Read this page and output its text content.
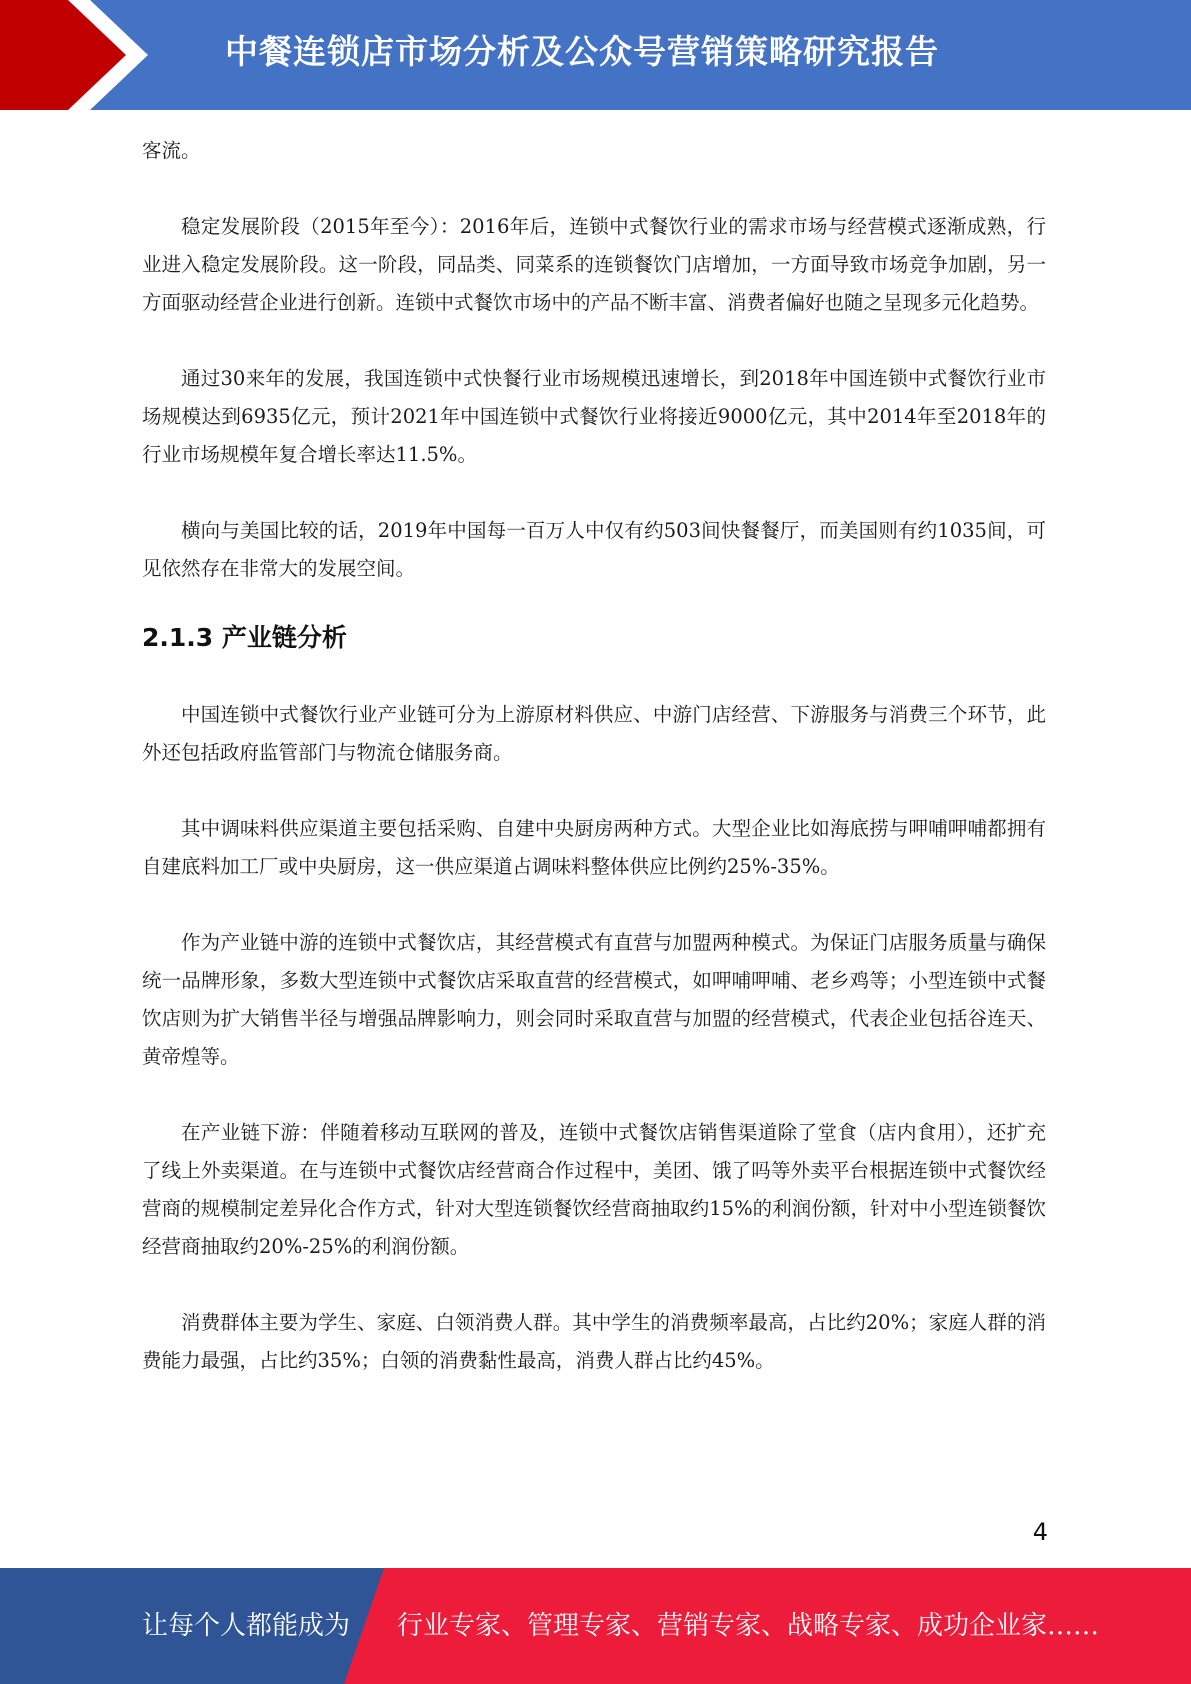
中餐连锁店市场分析及公众号营销策略研究报告

客流。

稳定发展阶段（2015年至今）：2016年后，连锁中式餐饮行业的需求市场与经营模式逐渐成熟，行业进入稳定发展阶段。这一阶段，同品类、同菜系的连锁餐饮门店增加，一方面导致市场竞争加剧，另一方面驱动经营企业进行创新。连锁中式餐饮市场中的产品不断丰富、消费者偏好也随之呈现多元化趋势。

通过30来年的发展，我国连锁中式快餐行业市场规模迅速增长，到2018年中国连锁中式餐饮行业市场规模达到6935亿元，预计2021年中国连锁中式餐饮行业将接近9000亿元，其中2014年至2018年的行业市场规模年复合增长率达11.5%。

横向与美国比较的话，2019年中国每一百万人中仅有约503间快餐餐厅，而美国则有约1035间，可见依然存在非常大的发展空间。

2.1.3 产业链分析

中国连锁中式餐饮行业产业链可分为上游原材料供应、中游门店经营、下游服务与消费三个环节，此外还包括政府监管部门与物流仓储服务商。

其中调味料供应渠道主要包括采购、自建中央厨房两种方式。大型企业比如海底捞与呷哺呷哺都拥有自建底料加工厂或中央厨房，这一供应渠道占调味料整体供应比例约25%-35%。

作为产业链中游的连锁中式餐饮店，其经营模式有直营与加盟两种模式。为保证门店服务质量与确保统一品牌形象，多数大型连锁中式餐饮店采取直营的经营模式，如呷哺呷哺、老乡鸡等；小型连锁中式餐饮店则为扩大销售半径与增强品牌影响力，则会同时采取直营与加盟的经营模式，代表企业包括谷连天、黄帝煌等。

在产业链下游：伴随着移动互联网的普及，连锁中式餐饮店销售渠道除了堂食（店内食用），还扩充了线上外卖渠道。在与连锁中式餐饮店经营商合作过程中，美团、饿了吗等外卖平台根据连锁中式餐饮经营商的规模制定差异化合作方式，针对大型连锁餐饮经营商抽取约15%的利润份额，针对中小型连锁餐饮经营商抽取约20%-25%的利润份额。

消费群体主要为学生、家庭、白领消费人群。其中学生的消费频率最高，占比约20%；家庭人群的消费能力最强，占比约35%；白领的消费黏性最高，消费人群占比约45%。

4
让每个人都能成为 行业专家、管理专家、营销专家、战略专家、成功企业家……
